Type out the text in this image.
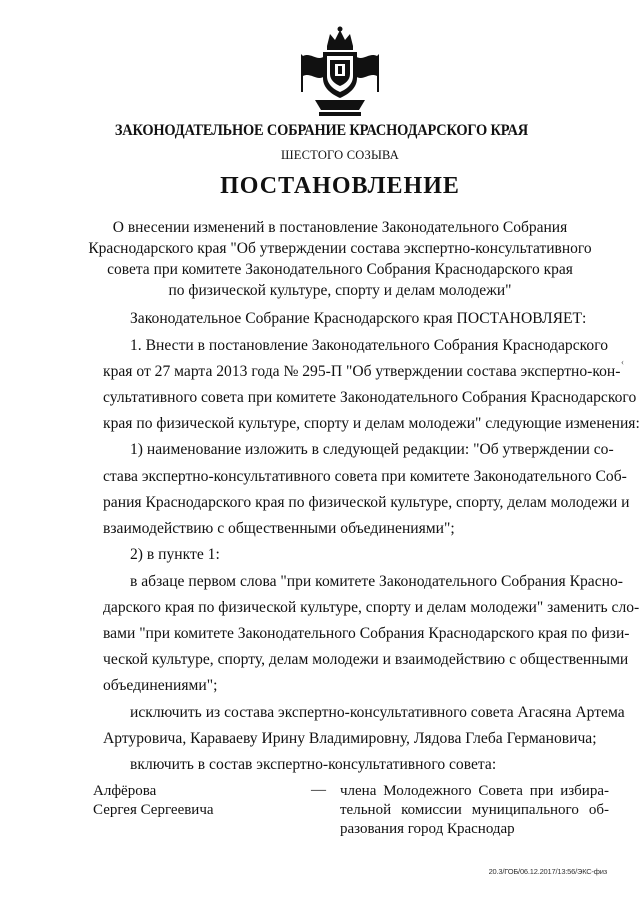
ЗАКОНОДАТЕЛЬНОЕ СОБРАНИЕ КРАСНОДАРСКОГО КРАЯ
ШЕСТОГО СОЗЫВА
ПОСТАНОВЛЕНИЕ
О внесении изменений в постановление Законодательного Собрания
Краснодарского края "Об утверждении состава экспертно-консультативного
совета при комитете Законодательного Собрания Краснодарского края
по физической культуре, спорту и делам молодежи"
Законодательное Собрание Краснодарского края ПОСТАНОВЛЯЕТ:
1. Внести в постановление Законодательного Собрания Краснодарского
края от 27 марта 2013 года № 295-П "Об утверждении состава экспертно-кон-
сультативного совета при комитете Законодательного Собрания Краснодарского
края по физической культуре, спорту и делам молодежи" следующие изменения:
1) наименование изложить в следующей редакции: "Об утверждении со-
става экспертно-консультативного совета при комитете Законодательного Соб-
рания Краснодарского края по физической культуре, спорту, делам молодежи и
взаимодействию с общественными объединениями";
2) в пункте 1:
в абзаце первом слова "при комитете Законодательного Собрания Красно-
дарского края по физической культуре, спорту и делам молодежи" заменить сло-
вами "при комитете Законодательного Собрания Краснодарского края по физи-
ческой культуре, спорту, делам молодежи и взаимодействию с общественными
объединениями";
исключить из состава экспертно-консультативного совета Агасяна Артема
Артуровича, Караваеву Ирину Владимировну, Лядова Глеба Германовича;
включить в состав экспертно-консультативного совета:
Алфёрова
Сергея Сергеевича
— члена Молодежного Совета при избира-
тельной комиссии муниципального об-
разования город Краснодар
‹
20.3/ГОБ/06.12.2017/13:56/ЭКС-физ
